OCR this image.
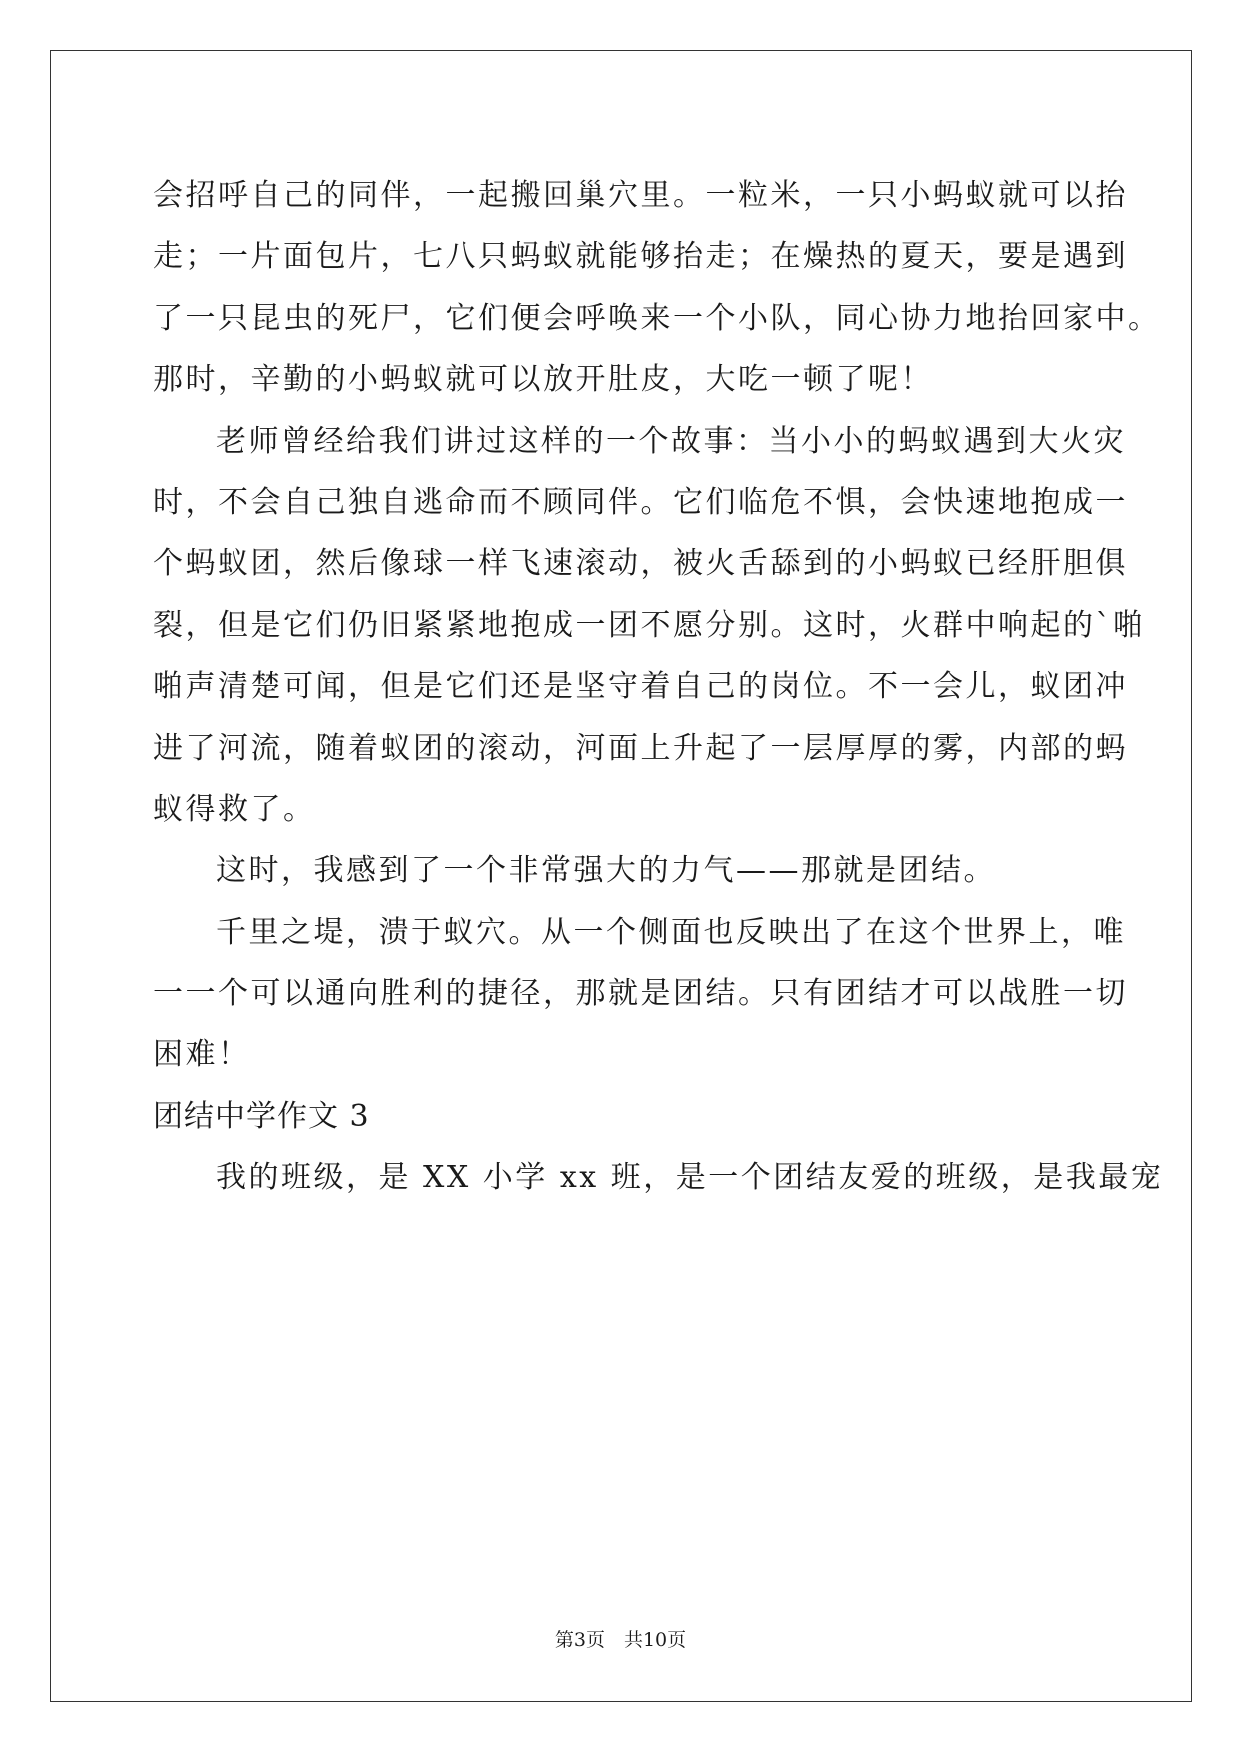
会招呼自己的同伴，一起搬回巢穴里。一粒米，一只小蚂蚁就可以抬
走；一片面包片，七八只蚂蚁就能够抬走；在燥热的夏天，要是遇到
了一只昆虫的死尸，它们便会呼唤来一个小队，同心协力地抬回家中。
那时，辛勤的小蚂蚁就可以放开肚皮，大吃一顿了呢！
老师曾经给我们讲过这样的一个故事：当小小的蚂蚁遇到大火灾
时，不会自己独自逃命而不顾同伴。它们临危不惧，会快速地抱成一
个蚂蚁团，然后像球一样飞速滚动，被火舌舔到的小蚂蚁已经肝胆俱
裂，但是它们仍旧紧紧地抱成一团不愿分别。这时，火群中响起的`啪
啪声清楚可闻，但是它们还是坚守着自己的岗位。不一会儿，蚁团冲
进了河流，随着蚁团的滚动，河面上升起了一层厚厚的雾，内部的蚂
蚁得救了。
这时，我感到了一个非常强大的力气——那就是团结。
千里之堤，溃于蚁穴。从一个侧面也反映出了在这个世界上，唯
一一个可以通向胜利的捷径，那就是团结。只有团结才可以战胜一切
困难！
团结中学作文 3
我的班级，是 XX 小学 xx 班，是一个团结友爱的班级，是我最宠
第3页　共10页
